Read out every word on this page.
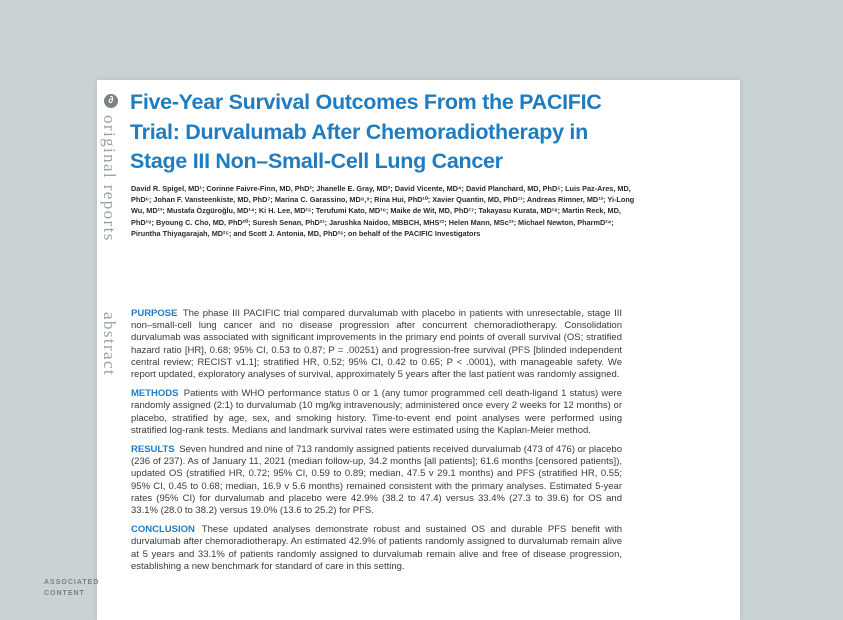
∂
original reports
abstract
Five-Year Survival Outcomes From the PACIFIC Trial: Durvalumab After Chemoradiotherapy in Stage III Non–Small-Cell Lung Cancer
David R. Spigel, MD¹; Corinne Faivre-Finn, MD, PhD²; Jhanelle E. Gray, MD³; David Vicente, MD⁴; David Planchard, MD, PhD⁵; Luis Paz-Ares, MD, PhD⁶; Johan F. Vansteenkiste, MD, PhD⁷; Marina C. Garassino, MD⁸,⁹; Rina Hui, PhD¹⁰; Xavier Quantin, MD, PhD¹¹; Andreas Rimner, MD¹²; Yi-Long Wu, MD¹³; Mustafa Özgüroğlu, MD¹⁴; Ki H. Lee, MD¹⁵; Terufumi Kato, MD¹⁶; Maike de Wit, MD, PhD¹⁷; Takayasu Kurata, MD¹⁸; Martin Reck, MD, PhD¹⁹; Byoung C. Cho, MD, PhD²⁰; Suresh Senan, PhD²¹; Jarushka Naidoo, MBBCH, MHS²²; Helen Mann, MSc²³; Michael Newton, PharmD²⁴; Piruntha Thiyagarajah, MD²⁵; and Scott J. Antonia, MD, PhD²⁶; on behalf of the PACIFIC Investigators

PURPOSE The phase III PACIFIC trial compared durvalumab with placebo in patients with unresectable, stage III non–small-cell lung cancer and no disease progression after concurrent chemoradiotherapy. Consolidation durvalumab was associated with significant improvements in the primary end points of overall survival (OS; stratified hazard ratio [HR], 0.68; 95% CI, 0.53 to 0.87; P = .00251) and progression-free survival (PFS [blinded independent central review; RECIST v1.1]; stratified HR, 0.52; 95% CI, 0.42 to 0.65; P < .0001), with manageable safety. We report updated, exploratory analyses of survival, approximately 5 years after the last patient was randomly assigned.

METHODS Patients with WHO performance status 0 or 1 (any tumor programmed cell death-ligand 1 status) were randomly assigned (2:1) to durvalumab (10 mg/kg intravenously; administered once every 2 weeks for 12 months) or placebo, stratified by age, sex, and smoking history. Time-to-event end point analyses were performed using stratified log-rank tests. Medians and landmark survival rates were estimated using the Kaplan-Meier method.

RESULTS Seven hundred and nine of 713 randomly assigned patients received durvalumab (473 of 476) or placebo (236 of 237). As of January 11, 2021 (median follow-up, 34.2 months [all patients]; 61.6 months [censored patients]), updated OS (stratified HR, 0.72; 95% CI, 0.59 to 0.89; median, 47.5 v 29.1 months) and PFS (stratified HR, 0.55; 95% CI, 0.45 to 0.68; median, 16.9 v 5.6 months) remained consistent with the primary analyses. Estimated 5-year rates (95% CI) for durvalumab and placebo were 42.9% (38.2 to 47.4) versus 33.4% (27.3 to 39.6) for OS and 33.1% (28.0 to 38.2) versus 19.0% (13.6 to 25.2) for PFS.

CONCLUSION These updated analyses demonstrate robust and sustained OS and durable PFS benefit with durvalumab after chemoradiotherapy. An estimated 42.9% of patients randomly assigned to durvalumab remain alive at 5 years and 33.1% of patients randomly assigned to durvalumab remain alive and free of disease progression, establishing a new benchmark for standard of care in this setting.

ASSOCIATED CONTENT
